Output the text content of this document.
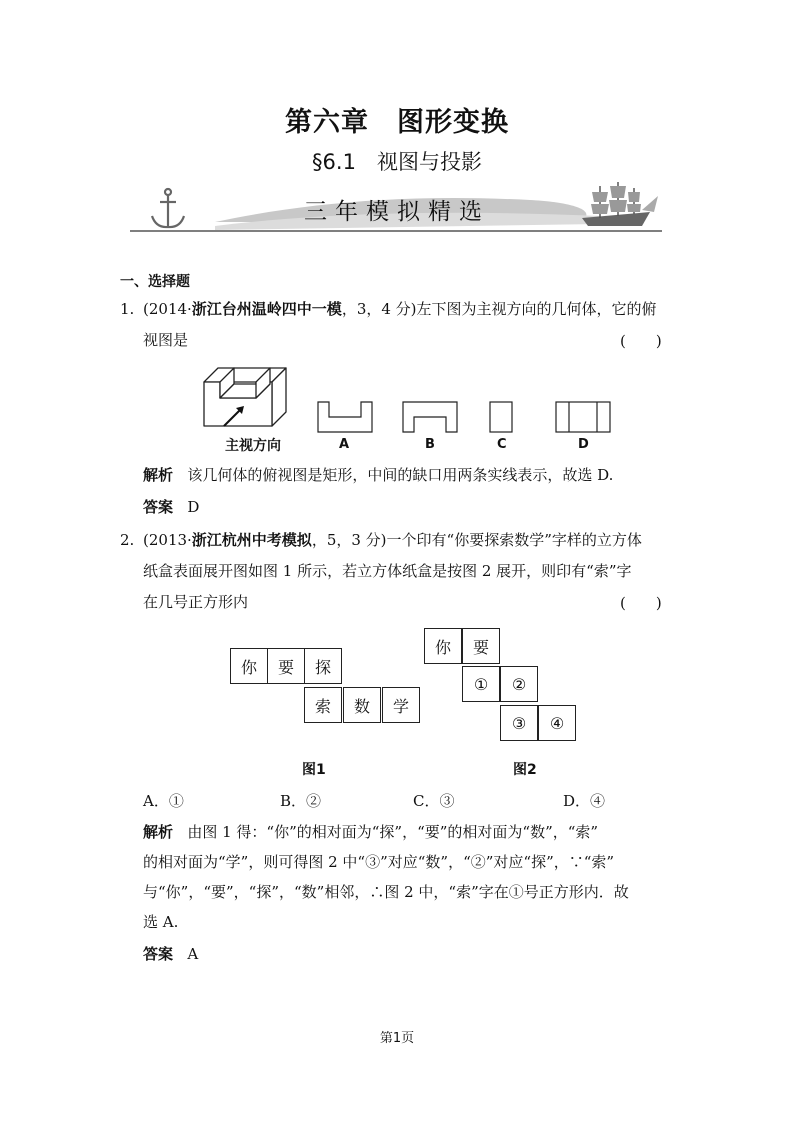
第六章　图形变换
§6.1　视图与投影
三年模拟精选
一、选择题
1. (2014·浙江台州温岭四中一模，3，4 分)左下图为主视方向的几何体，它的俯
视图是	(　　)
主视方向	A	B	C	D
解析 该几何体的俯视图是矩形，中间的缺口用两条实线表示，故选 D.
答案 D
2. (2013·浙江杭州中考模拟，5，3 分)一个印有“你要探索数学”字样的立方体
纸盒表面展开图如图 1 所示，若立方体纸盒是按图 2 展开，则印有“索”字
在几号正方形内	(　　)
你	要	探
索	数	学
你	要
①	②
③	④
图1	图2
A．①	B．②	C．③	D．④
解析 由图 1 得：“你”的相对面为“探”，“要”的相对面为“数”，“索”
的相对面为“学”，则可得图 2 中“③”对应“数”，“②”对应“探”，∵“索”
与“你”，“要”，“探”，“数”相邻，∴图 2 中，“索”字在①号正方形内．故
选 A.
答案 A
第1页
